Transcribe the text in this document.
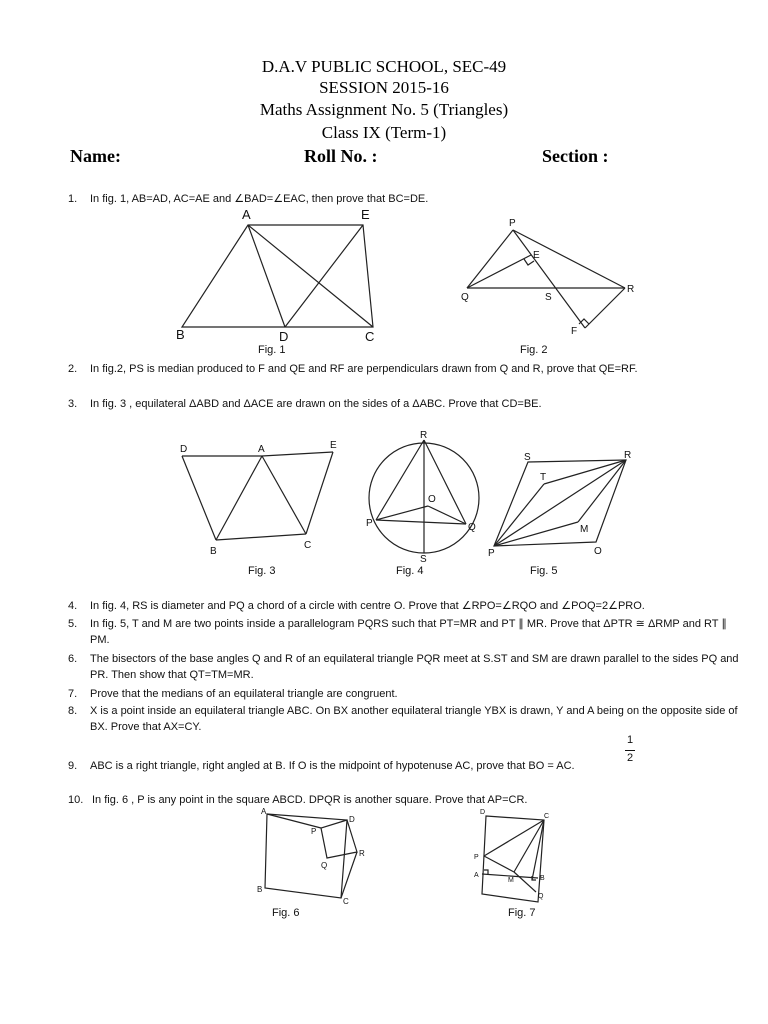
D.A.V PUBLIC SCHOOL, SEC-49
SESSION 2015-16
Maths Assignment No. 5 (Triangles)
Class IX (Term-1)
Name:	Roll No. :	Section :
1. In fig. 1, AB=AD, AC=AE and ∠BAD=∠EAC, then prove that BC=DE.
A	E
B	D	C
Fig. 1
P
E
Q	S
R
F
Fig. 2
2. In fig.2, PS is median produced to F and QE and RF are perpendiculars drawn from Q and R, prove that QE=RF.
3. In fig. 3 , equilateral ΔABD and ΔACE are drawn on the sides of a ΔABC. Prove that CD=BE.
D	A	E
B
C
Fig. 3
R
O
P	Q
S
Fig. 4
S	R
T
M
P	O
Fig. 5
4. In fig. 4, RS is diameter and PQ a chord of a circle with centre O. Prove that ∠RPO=∠RQO and ∠POQ=2∠PRO.
5. In fig. 5, T and M are two points inside a parallelogram PQRS such that PT=MR and PT ∥ MR. Prove that ΔPTR ≅ ΔRMP and RT ∥ PM.
6. The bisectors of the base angles Q and R of an equilateral triangle PQR meet at S.ST and SM are drawn parallel to the sides PQ and PR. Then show that QT=TM=MR.
7. Prove that the medians of an equilateral triangle are congruent.
8. X is a point inside an equilateral triangle ABC. On BX another equilateral triangle YBX is drawn, Y and A being on the opposite side of BX. Prove that AX=CY.
9. ABC is a right triangle, right angled at B. If O is the midpoint of hypotenuse AC, prove that BO = AC.
1
2
10. In fig. 6 , P is any point in the square ABCD. DPQR is another square. Prove that AP=CR.
A
D
P
R
Q
B
C
Fig. 6
D
C
P
A
M	B
Q
Fig. 7
